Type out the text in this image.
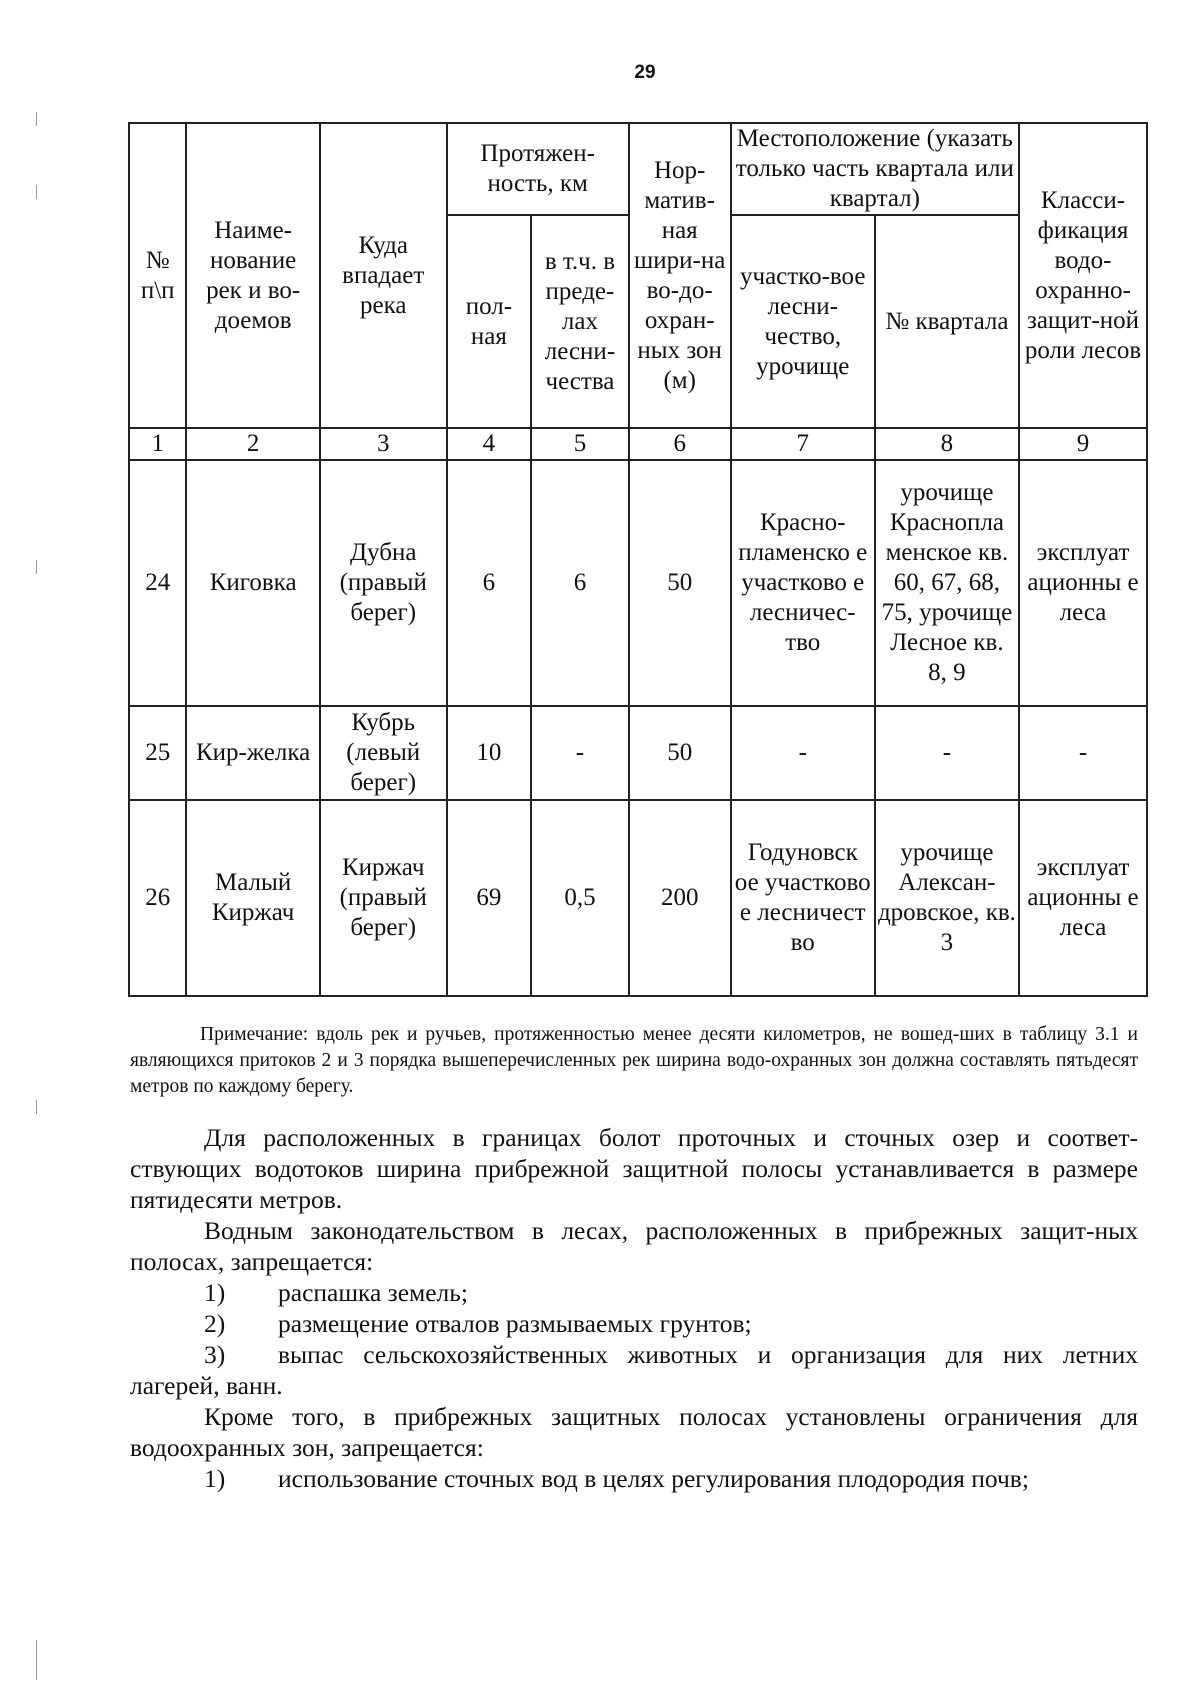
29
№ п\п	Наиме-нование рек и во-доемов	Куда впадает река	Протяжен-ность, км		Нор-матив-ная шири-на во-до-охран-ных зон (м)	Местоположение (указать только часть квартала или квартал)		Класси-фикация водо-охранно-защит-ной роли лесов
			пол-ная	в т.ч. в преде-лах лесни-чества		участко-вое лесни-чество, урочище	№ квартала	
1	2	3	4	5	6	7	8	9
24	Киговка	Дубна (правый берег)	6	6	50	Красно-пламенско е участково е лесничес-тво	урочище Краснопла менское кв. 60, 67, 68, 75, урочище Лесное кв. 8, 9	эксплуат ационны е леса
25	Кир-желка	Кубрь (левый берег)	10	-	50	-	-	-
26	Малый Киржач	Киржач (правый берег)	69	0,5	200	Годуновск ое участково е лесничест во	урочище Алексан-дровское, кв. 3	эксплуат ационны е леса
Примечание: вдоль рек и ручьев, протяженностью менее десяти километров, не вошед-ших в таблицу 3.1 и являющихся притоков 2 и 3 порядка вышеперечисленных рек ширина водо-охранных зон должна составлять пятьдесят метров по каждому берегу.

Для расположенных в границах болот проточных и сточных озер и соответ-ствующих водотоков ширина прибрежной защитной полосы устанавливается в размере пятидесяти метров.

Водным законодательством в лесах, расположенных в прибрежных защит-ных полосах, запрещается:

1)	распашка земель;
2)	размещение отвалов размываемых грунтов;
3) выпас сельскохозяйственных животных и организация для них летних лагерей, ванн.

Кроме того, в прибрежных защитных полосах установлены ограничения для водоохранных зон, запрещается:

1)	использование сточных вод в целях регулирования плодородия почв;
